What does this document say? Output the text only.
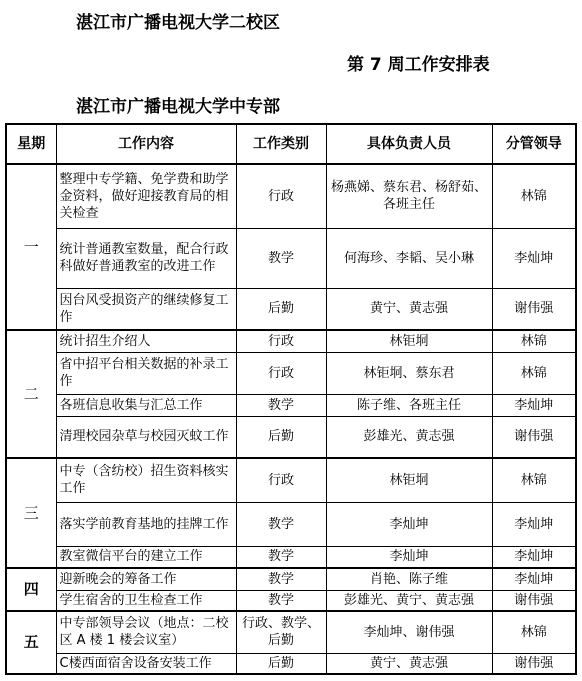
湛江市广播电视大学二校区
第 7 周工作安排表
湛江市广播电视大学中专部
星期	工作内容	工作类别	具体负责人员	分管领导
一	整理中专学籍、免学费和助学金资料，做好迎接教育局的相关检查	行政	杨燕娣、蔡东君、杨舒茹、各班主任	林锦
	统计普通教室数量，配合行政科做好普通教室的改进工作	教学	何海珍、李韬、吴小琳	李灿坤
	因台风受损资产的继续修复工作	后勤	黄宁、黄志强	谢伟强
二	统计招生介绍人	行政	林钜垌	林锦
	省中招平台相关数据的补录工作	行政	林钜垌、蔡东君	林锦
	各班信息收集与汇总工作	教学	陈子维、各班主任	李灿坤
	清理校园杂草与校园灭蚊工作	后勤	彭雄光、黄志强	谢伟强
三	中专（含纺校）招生资料核实工作	行政	林钜垌	林锦
	落实学前教育基地的挂牌工作	教学	李灿坤	李灿坤
	教室微信平台的建立工作	教学	李灿坤	李灿坤
四	迎新晚会的筹备工作	教学	肖艳、陈子维	李灿坤
	学生宿舍的卫生检查工作	教学	彭雄光、黄宁、黄志强	谢伟强
五	中专部领导会议（地点：二校区 A 楼 1 楼会议室）	行政、教学、后勤	李灿坤、谢伟强	林锦
	C楼西面宿舍设备安装工作	后勤	黄宁、黄志强	谢伟强
